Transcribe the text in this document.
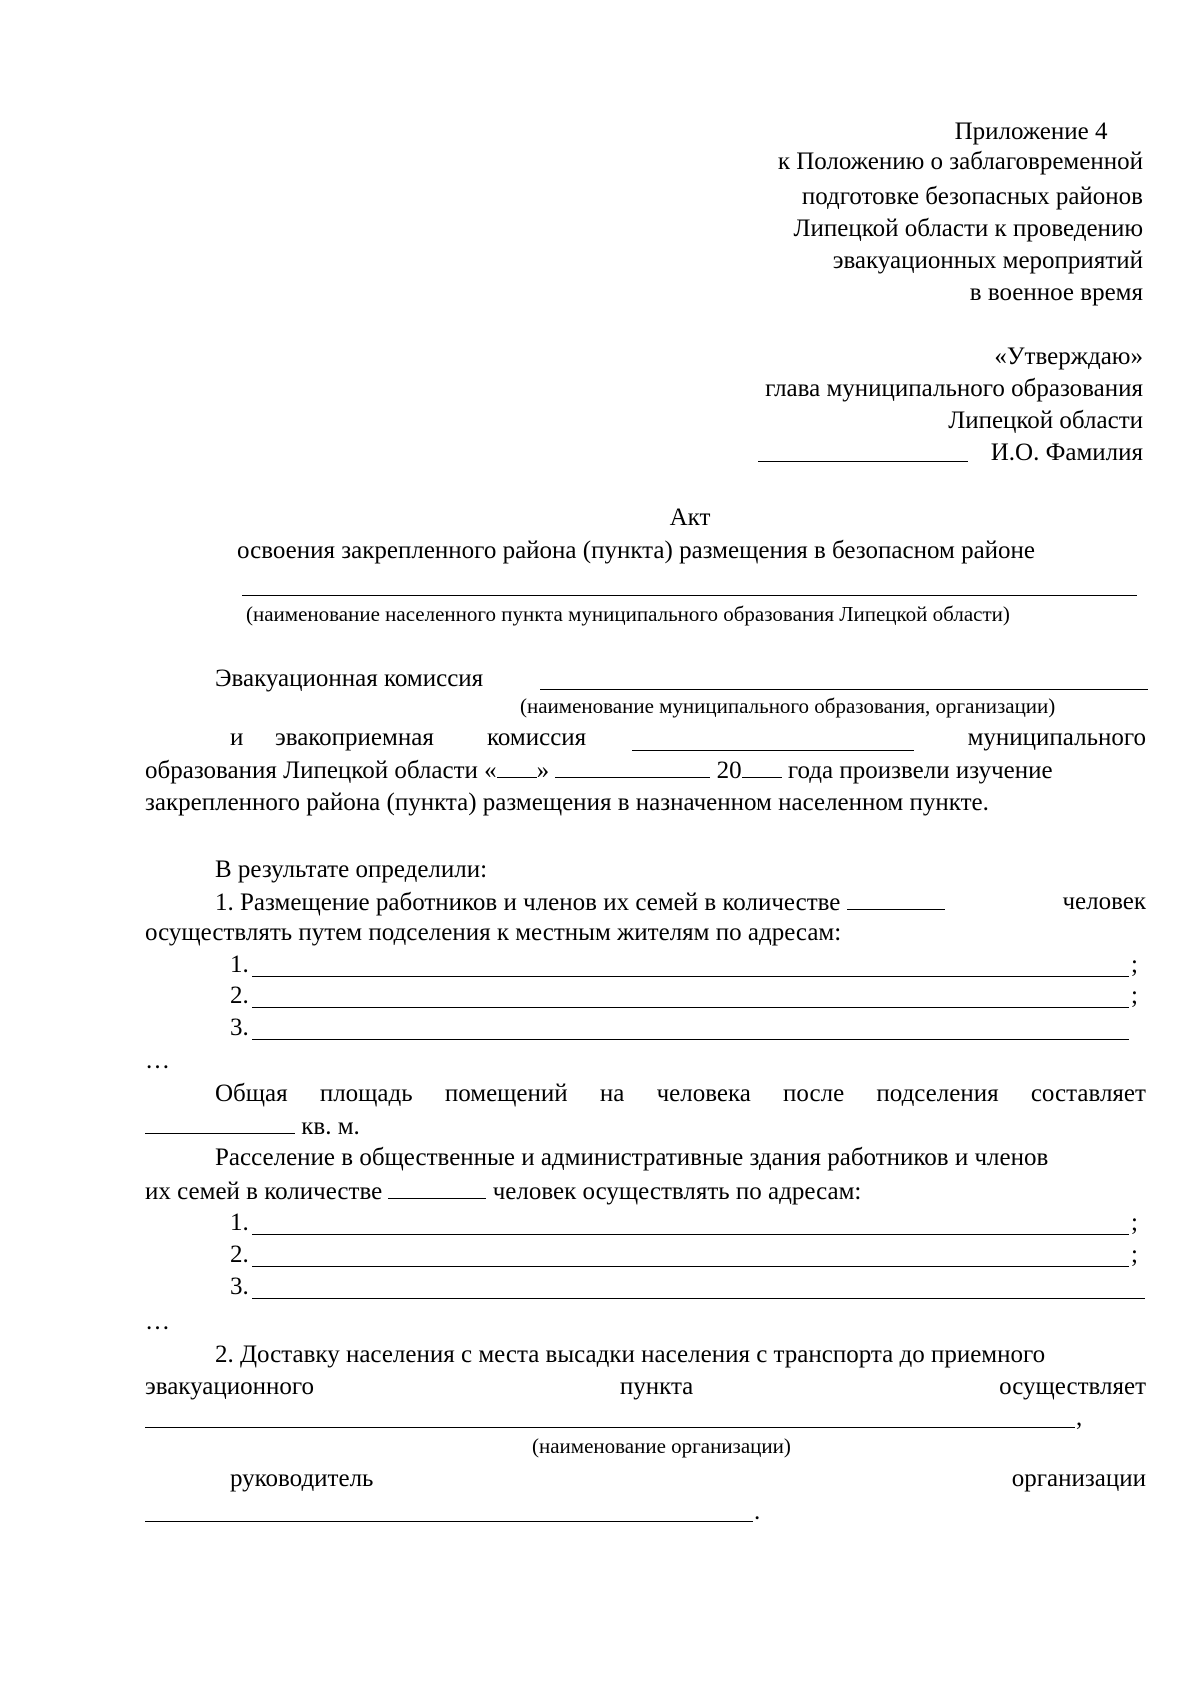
Приложение 4
к Положению о заблаговременной
подготовке безопасных районов
Липецкой области к проведению
эвакуационных мероприятий
в военное время
«Утверждаю»
глава муниципального образования
Липецкой области
И.О. Фамилия
Акт
освоения закрепленного района (пункта) размещения в безопасном районе
(наименование населенного пункта муниципального образования Липецкой области)
Эвакуационная комиссия
(наименование муниципального образования, организации)
и эвакоприемная комиссия	муниципального
образования Липецкой области « »	20 года произвели изучение
закрепленного района (пункта) размещения в назначенном населенном пункте.
В результате определили:
1. Размещение работников и членов их семей в количестве	человек
осуществлять путем подселения к местным жителям по адресам:
1.	;
2.	;
3.
…
Общая площадь помещений на человека после подселения составляет
кв. м.
Расселение в общественные и административные здания работников и членов
их семей в количестве	человек осуществлять по адресам:
1.	;
2.	;
3.
…
2. Доставку населения с места высадки населения с транспорта до приемного
эвакуационного	пункта	осуществляет
,
(наименование организации)
руководитель	организации
.
